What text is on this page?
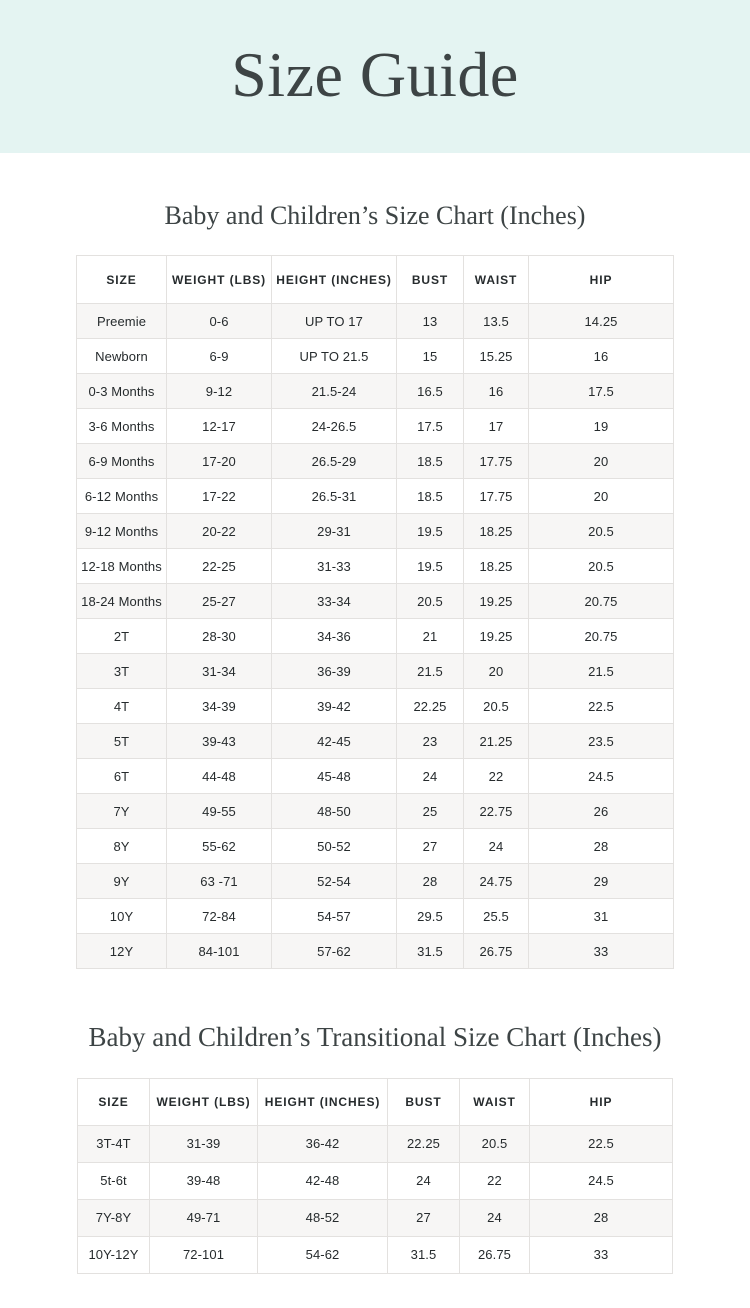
Size Guide
Baby and Children’s Size Chart (Inches)
SIZE	WEIGHT (LBS)	HEIGHT (INCHES)	BUST	WAIST	HIP
Preemie	0-6	UP TO 17	13	13.5	14.25
Newborn	6-9	UP TO 21.5	15	15.25	16
0-3 Months	9-12	21.5-24	16.5	16	17.5
3-6 Months	12-17	24-26.5	17.5	17	19
6-9 Months	17-20	26.5-29	18.5	17.75	20
6-12 Months	17-22	26.5-31	18.5	17.75	20
9-12 Months	20-22	29-31	19.5	18.25	20.5
12-18 Months	22-25	31-33	19.5	18.25	20.5
18-24 Months	25-27	33-34	20.5	19.25	20.75
2T	28-30	34-36	21	19.25	20.75
3T	31-34	36-39	21.5	20	21.5
4T	34-39	39-42	22.25	20.5	22.5
5T	39-43	42-45	23	21.25	23.5
6T	44-48	45-48	24	22	24.5
7Y	49-55	48-50	25	22.75	26
8Y	55-62	50-52	27	24	28
9Y	63 -71	52-54	28	24.75	29
10Y	72-84	54-57	29.5	25.5	31
12Y	84-101	57-62	31.5	26.75	33
Baby and Children’s Transitional Size Chart (Inches)
SIZE	WEIGHT (LBS)	HEIGHT (INCHES)	BUST	WAIST	HIP
3T-4T	31-39	36-42	22.25	20.5	22.5
5t-6t	39-48	42-48	24	22	24.5
7Y-8Y	49-71	48-52	27	24	28
10Y-12Y	72-101	54-62	31.5	26.75	33
